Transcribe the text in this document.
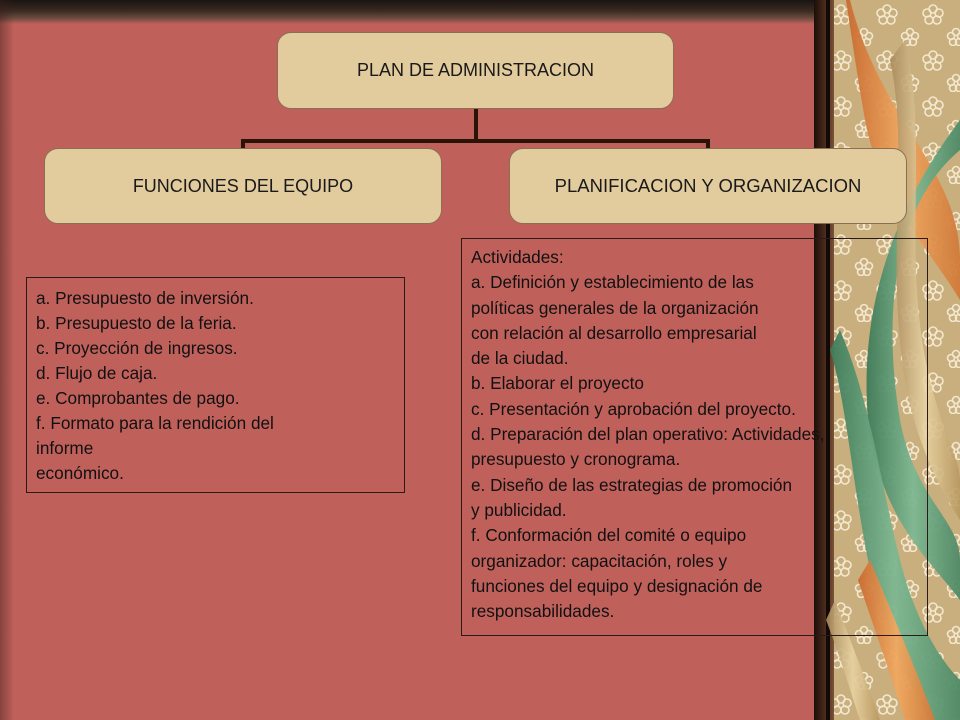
PLAN DE ADMINISTRACION
FUNCIONES DEL EQUIPO	PLANIFICACION Y ORGANIZACION
a. Presupuesto de inversión.
b. Presupuesto de la feria.
c. Proyección de ingresos.
d. Flujo de caja.
e. Comprobantes de pago.
f. Formato para la rendición del
informe
económico.
Actividades:
a. Definición y establecimiento de las
políticas generales de la organización
con relación al desarrollo empresarial
de la ciudad.
b. Elaborar el proyecto
c. Presentación y aprobación del proyecto.
d. Preparación del plan operativo: Actividades,
presupuesto y cronograma.
e. Diseño de las estrategias de promoción
y publicidad.
f. Conformación del comité o equipo
organizador: capacitación, roles y
funciones del equipo y designación de
responsabilidades.
